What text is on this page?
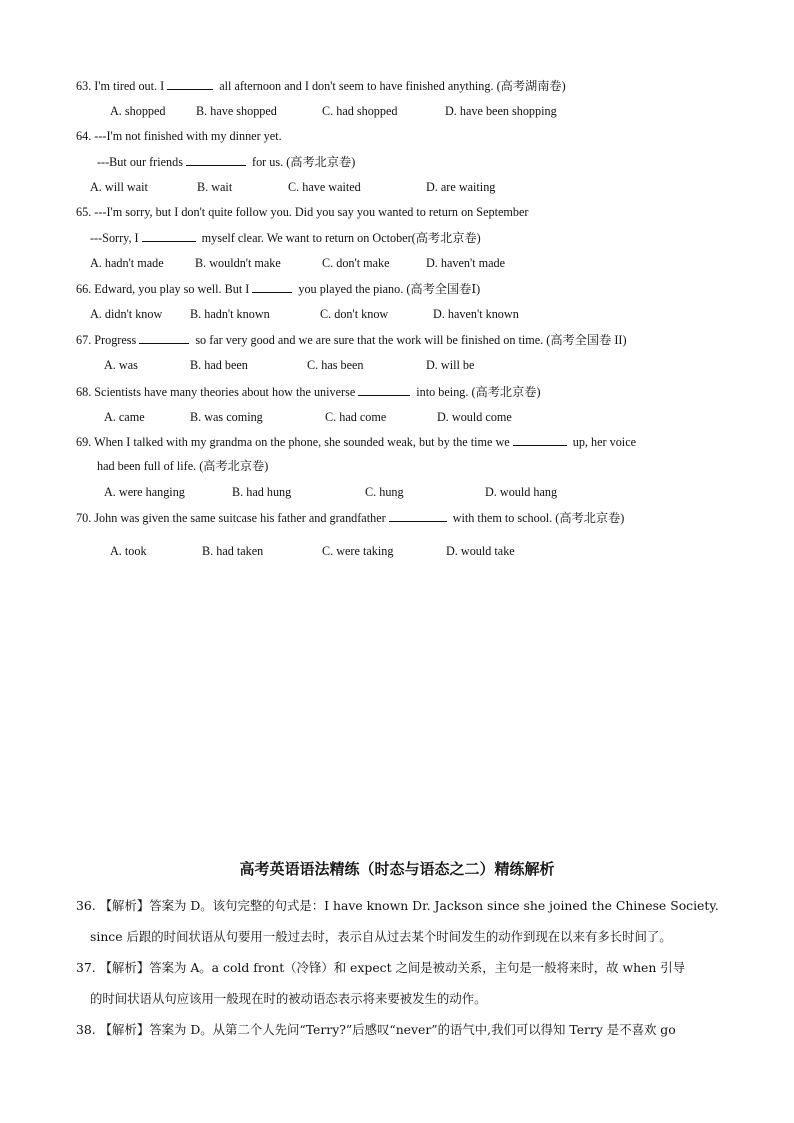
63. I'm tired out. I	all afternoon and I don't seem to have finished anything. (高考湖南卷)
A. shopped B. have shopped	C. had shopped	D. have been shopping
64. ---I'm not finished with my dinner yet.
---But our friends	for us. (高考北京卷)
A. will wait	B. wait	C. have waited	D. are waiting
65. ---I'm sorry, but I don't quite follow you. Did you say you wanted to return on September
---Sorry, I	myself clear. We want to return on October(高考北京卷)
A. hadn't made	B. wouldn't make	C. don't make	D. haven't made
66. Edward, you play so well. But I	you played the piano. (高考全国卷Ⅰ)
A. didn't know B. hadn't known	C. don't know	D. haven't known
67. Progress	so far very good and we are sure that the work will be finished on time. (高考全国卷 II)
A. was	B. had been	C. has been	D. will be
68. Scientists have many theories about how the universe	into being. (高考北京卷)
A. came	B. was coming	C. had come	D. would come
69. When I talked with my grandma on the phone, she sounded weak, but by the time we	up, her voice
had been full of life. (高考北京卷)
A. were hanging	B. had hung	C. hung	D. would hang
70. John was given the same suitcase his father and grandfather	with them to school. (高考北京卷)
A. took	B. had taken	C. were taking	D. would take
高考英语语法精练（时态与语态之二）精练解析
36. 【解析】答案为 D。该句完整的句式是：I have known Dr. Jackson since she joined the Chinese Society.
since 后跟的时间状语从句要用一般过去时，表示自从过去某个时间发生的动作到现在以来有多长时间了。
37. 【解析】答案为 A。a cold front（冷锋）和 expect 之间是被动关系，主句是一般将来时，故 when 引导
的时间状语从句应该用一般现在时的被动语态表示将来要被发生的动作。
38. 【解析】答案为 D。从第二个人先问“Terry?”后感叹“never”的语气中,我们可以得知 Terry 是不喜欢 go
